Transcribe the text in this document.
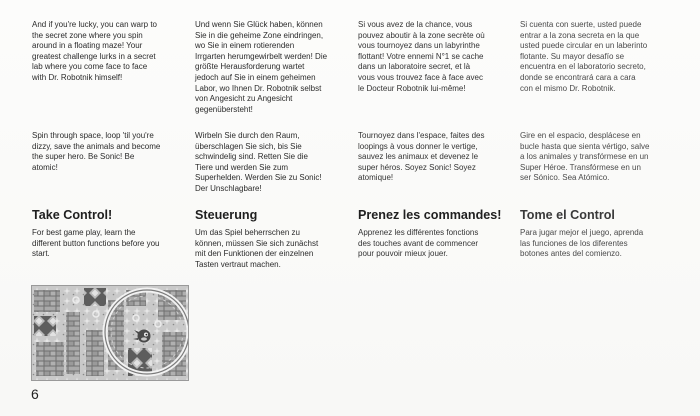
And if you're lucky, you can warp to
the secret zone where you spin
around in a floating maze! Your
greatest challenge lurks in a secret
lab where you come face to face
with Dr. Robotnik himself!

Spin through space, loop 'til you're
dizzy, save the animals and become
the super hero. Be Sonic! Be
atomic!

Take Control!

For best game play, learn the
different button functions before you
start.

Und wenn Sie Glück haben, können
Sie in die geheime Zone eindringen,
wo Sie in einem rotierenden
Irrgarten herumgewirbelt werden! Die
größte Herausforderung wartet
jedoch auf Sie in einem geheimen
Labor, wo Ihnen Dr. Robotnik selbst
von Angesicht zu Angesicht
gegenübersteht!

Wirbeln Sie durch den Raum,
überschlagen Sie sich, bis Sie
schwindelig sind. Retten Sie die
Tiere und werden Sie zum
Superhelden. Werden Sie zu Sonic!
Der Unschlagbare!

Steuerung

Um das Spiel beherrschen zu
können, müssen Sie sich zunächst
mit den Funktionen der einzelnen
Tasten vertraut machen.

Si vous avez de la chance, vous
pouvez aboutir à la zone secrète où
vous tournoyez dans un labyrinthe
flottant! Votre ennemi N°1 se cache
dans un laboratoire secret, et là
vous vous trouvez face à face avec
le Docteur Robotnik lui-même!

Tournoyez dans l'espace, faites des
loopings à vous donner le vertige,
sauvez les animaux et devenez le
super héros. Soyez Sonic! Soyez
atomique!

Prenez les commandes!

Apprenez les différentes fonctions
des touches avant de commencer
pour pouvoir mieux jouer.

Si cuenta con suerte, usted puede
entrar a la zona secreta en la que
usted puede circular en un laberinto
flotante. Su mayor desafío se
encuentra en el laboratorio secreto,
donde se encontrará cara a cara
con el mismo Dr. Robotnik.

Gire en el espacio, desplácese en
bucle hasta que sienta vértigo, salve
a los animales y transfórmese en un
Super Héroe. Transfórmese en un
ser Sónico. Sea Atómico.

Tome el Control

Para jugar mejor el juego, aprenda
las funciones de los diferentes
botones antes del comienzo.

6
